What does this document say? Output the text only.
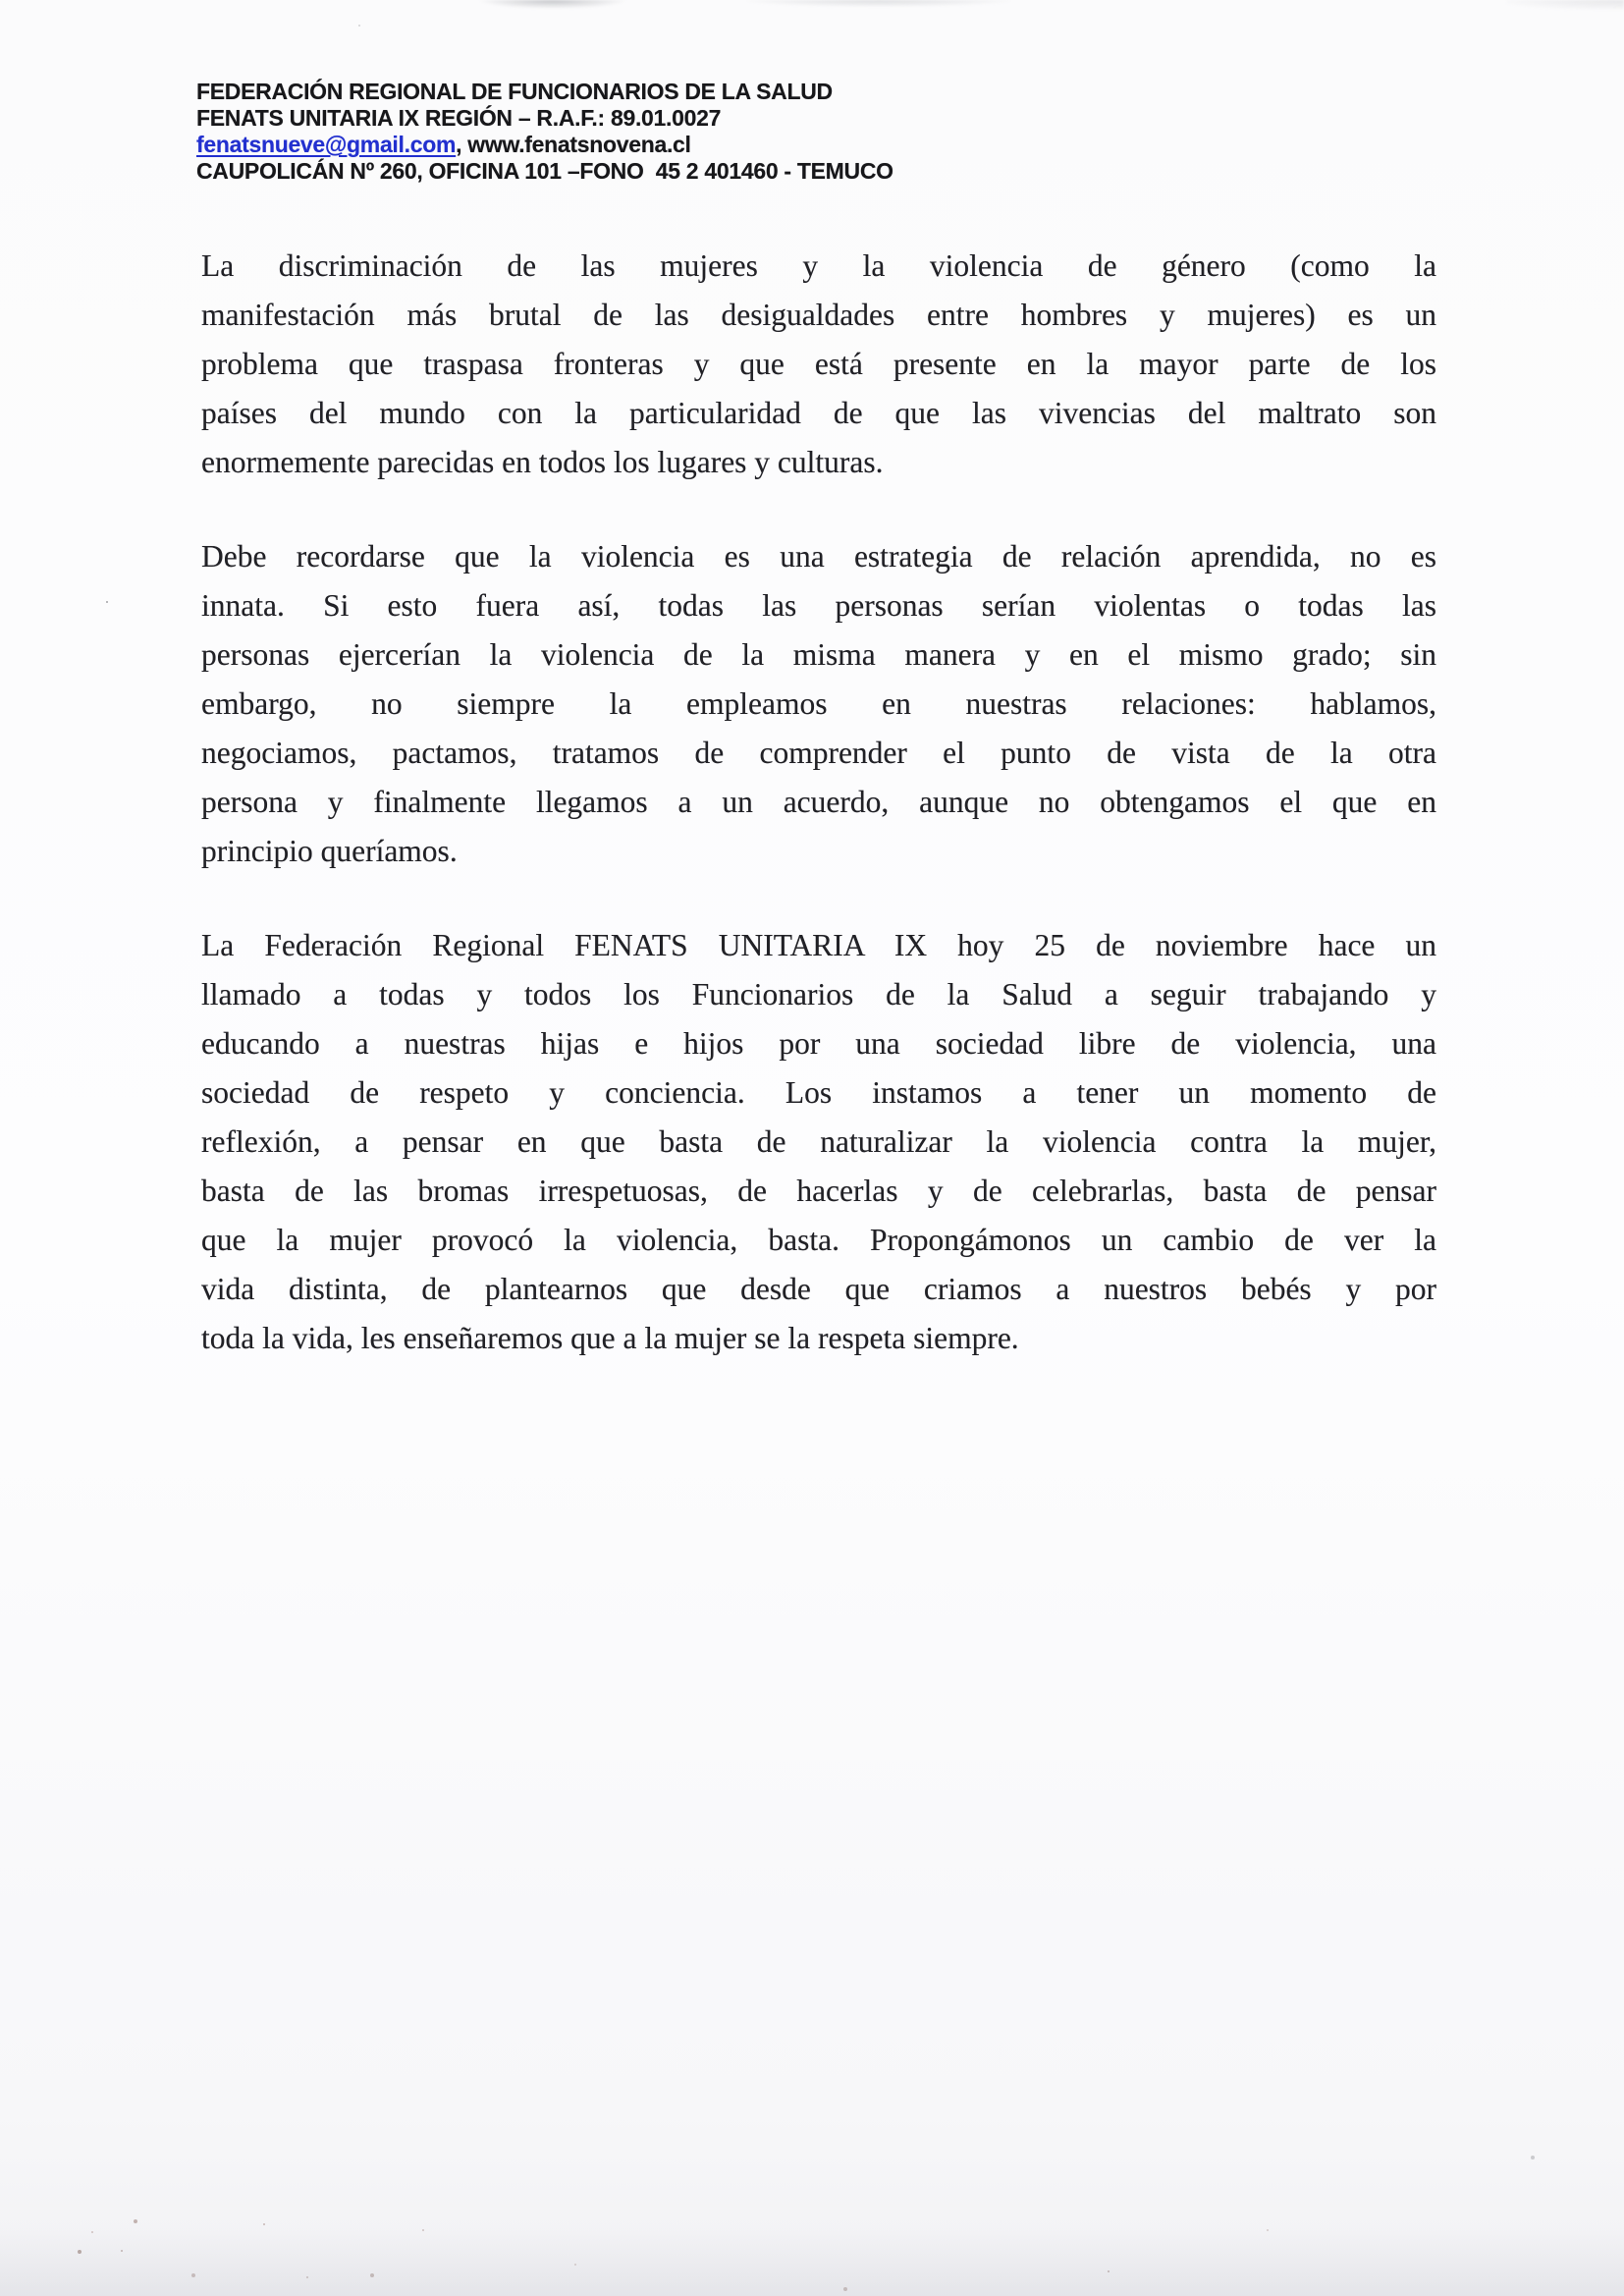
FEDERACIÓN REGIONAL DE FUNCIONARIOS DE LA SALUD
FENATS UNITARIA IX REGIÓN – R.A.F.: 89.01.0027
fenatsnueve@gmail.com, www.fenatsnovena.cl
CAUPOLICÁN Nº 260, OFICINA 101 –FONO  45 2 401460 - TEMUCO
La discriminación de las mujeres y la violencia de género (como la
manifestación más brutal de las desigualdades entre hombres y mujeres) es un
problema que traspasa fronteras y que está presente en la mayor parte de los
países del mundo con la particularidad de que las vivencias del maltrato son
enormemente parecidas en todos los lugares y culturas.
Debe recordarse que la violencia es una estrategia de relación aprendida, no es
innata. Si esto fuera así, todas las personas serían violentas o todas las
personas ejercerían la violencia de la misma manera y en el mismo grado; sin
embargo, no siempre la empleamos en nuestras relaciones: hablamos,
negociamos, pactamos, tratamos de comprender el punto de vista de la otra
persona y finalmente llegamos a un acuerdo, aunque no obtengamos el que en
principio queríamos.
La Federación Regional FENATS UNITARIA IX hoy 25 de noviembre hace un
llamado a todas y todos los Funcionarios de la Salud a seguir trabajando y
educando a nuestras hijas e hijos por una sociedad libre de violencia, una
sociedad de respeto y conciencia. Los instamos a tener un momento de
reflexión, a pensar en que basta de naturalizar la violencia contra la mujer,
basta de las bromas irrespetuosas, de hacerlas y de celebrarlas, basta de pensar
que la mujer provocó la violencia, basta. Propongámonos un cambio de ver la
vida distinta, de plantearnos que desde que criamos a nuestros bebés y por
toda la vida, les enseñaremos que a la mujer se la respeta siempre.
